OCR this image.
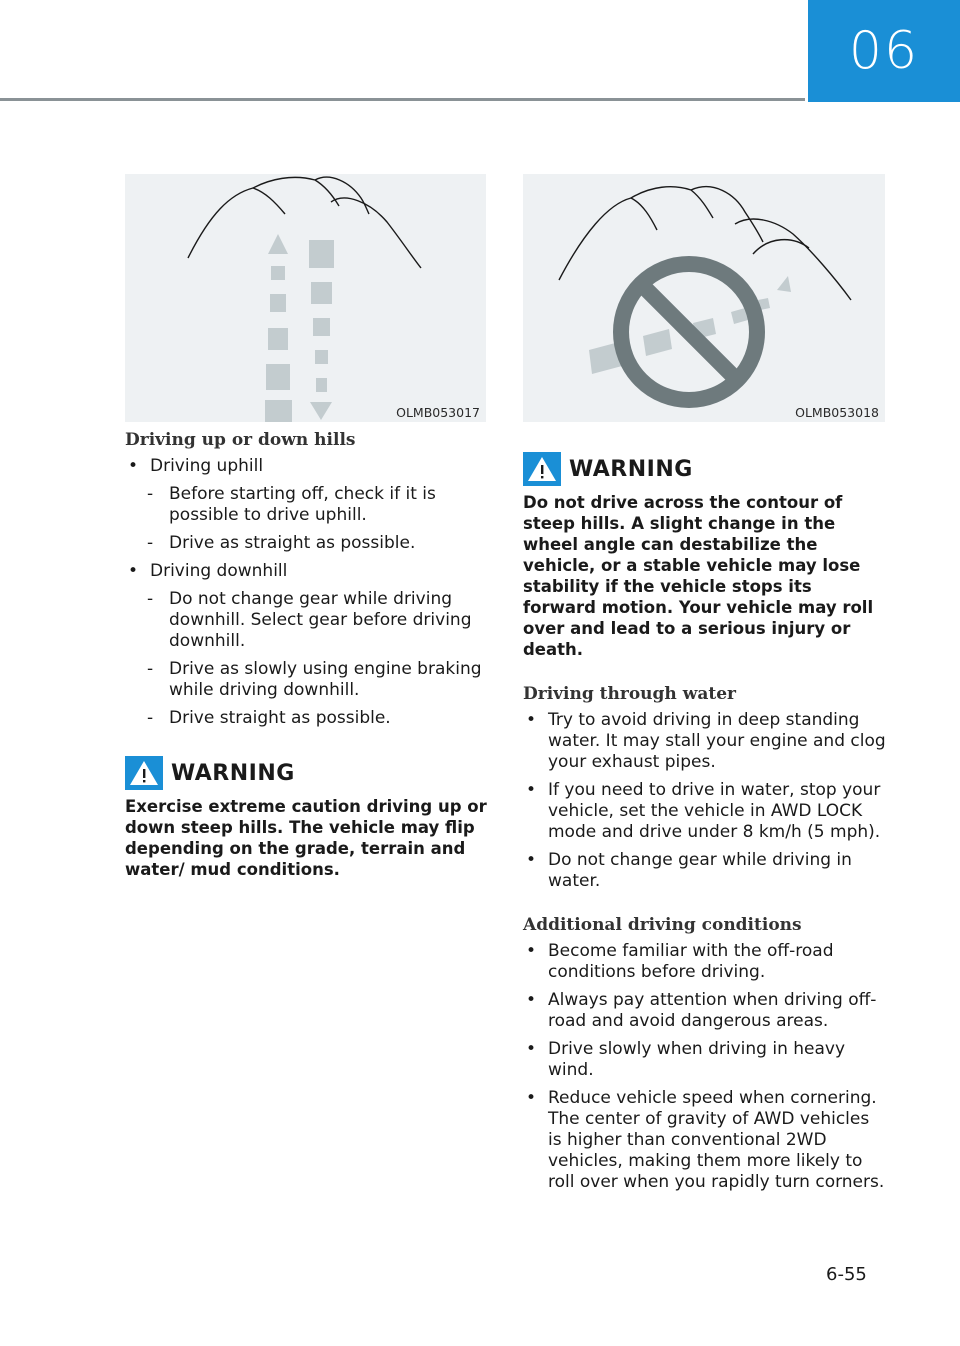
06
OLMB053017	OLMB053018
Driving up or down hills
• Driving uphill
- Before starting off, check if it is possible to drive uphill.
- Drive as straight as possible.
• Driving downhill
- Do not change gear while driving downhill. Select gear before driving downhill.
- Drive as slowly using engine braking while driving downhill.
- Drive straight as possible.
WARNING

Exercise extreme caution driving up or down steep hills. The vehicle may flip depending on the grade, terrain and water/ mud conditions.

WARNING

Do not drive across the contour of steep hills. A slight change in the wheel angle can destabilize the vehicle, or a stable vehicle may lose stability if the vehicle stops its forward motion. Your vehicle may roll over and lead to a serious injury or death.

Driving through water
• Try to avoid driving in deep standing water. It may stall your engine and clog your exhaust pipes.
• If you need to drive in water, stop your vehicle, set the vehicle in AWD LOCK mode and drive under 8 km/h (5 mph).
• Do not change gear while driving in water.
Additional driving conditions
• Become familiar with the off-road conditions before driving.
• Always pay attention when driving off-road and avoid dangerous areas.
• Drive slowly when driving in heavy wind.
• Reduce vehicle speed when cornering. The center of gravity of AWD vehicles is higher than conventional 2WD vehicles, making them more likely to roll over when you rapidly turn corners.
6-55
